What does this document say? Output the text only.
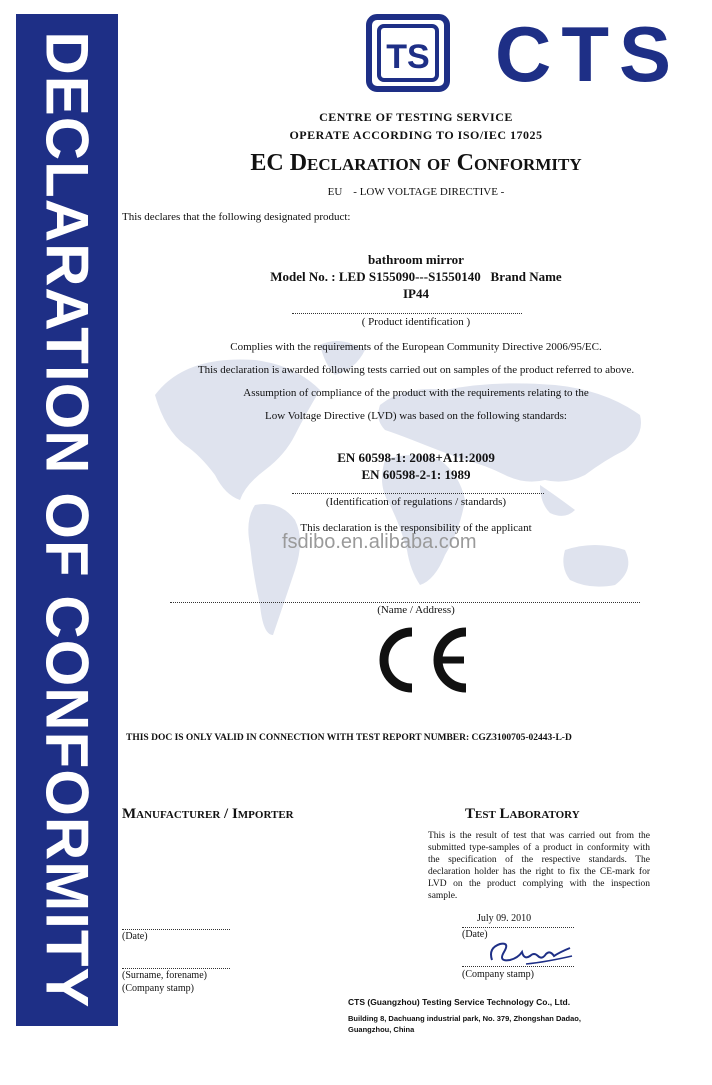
DECLARATION OF CONFORMITY	TS CTS
CENTRE OF TESTING SERVICE
OPERATE ACCORDING TO ISO/IEC 17025
EC Declaration of Conformity
EU    - LOW VOLTAGE DIRECTIVE -
This declares that the following designated product:
bathroom mirror
Model No. : LED S155090---S1550140   Brand Name
IP44
( Product identification )
Complies with the requirements of the European Community Directive 2006/95/EC.
This declaration is awarded following tests carried out on samples of the product referred to above.
Assumption of compliance of the product with the requirements relating to the
Low Voltage Directive (LVD) was based on the following standards:
EN 60598-1: 2008+A11:2009
EN 60598-2-1: 1989
(Identification of regulations / standards)
This declaration is the responsibility of the applicant
fsdibo.en.alibaba.com
(Name / Address)
THIS DOC IS ONLY VALID IN CONNECTION WITH TEST REPORT NUMBER: CGZ3100705-02443-L-D
Manufacturer / Importer
(Date)
(Surname, forename)
(Company stamp)
Test Laboratory
This is the result of test that was carried out from the submitted type-samples of a product in conformity with the specification of the respective standards. The declaration holder has the right to fix the CE-mark for LVD on the product complying with the inspection sample.
July 09. 2010
(Date)
(Company stamp)
CTS (Guangzhou) Testing Service Technology Co., Ltd.
Building 8, Dachuang industrial park, No. 379, Zhongshan Dadao,
Guangzhou, China
